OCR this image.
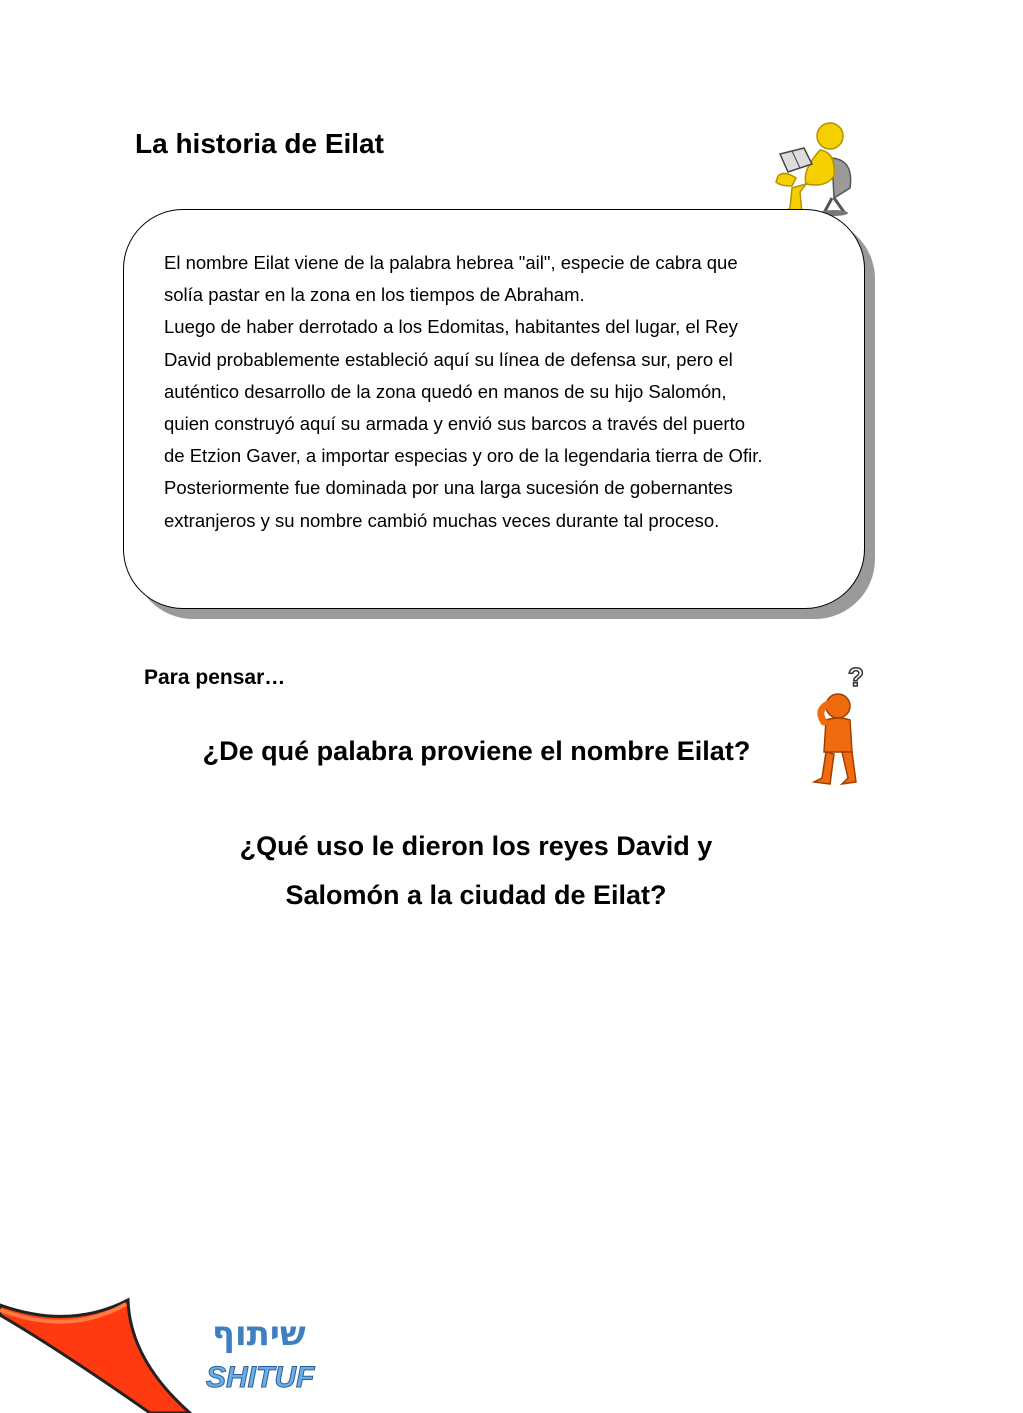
La historia de Eilat

El nombre Eilat viene de la palabra hebrea "ail", especie de cabra que

solía pastar en la zona en los tiempos de Abraham.

Luego de haber derrotado a los Edomitas, habitantes del lugar, el Rey

David probablemente estableció aquí su línea de defensa sur, pero el

auténtico desarrollo de la zona quedó en manos de su hijo Salomón,

quien construyó aquí su armada y envió sus barcos a través del puerto

de Etzion Gaver, a importar especias y oro de la legendaria tierra de Ofir.

Posteriormente fue dominada por una larga sucesión de gobernantes

extranjeros y su nombre cambió muchas veces durante tal proceso.

Para pensar…	?

¿De qué palabra proviene el nombre Eilat?

¿Qué uso le dieron los reyes David y
Salomón a la ciudad de Eilat?
שיתוף
SHITUF
